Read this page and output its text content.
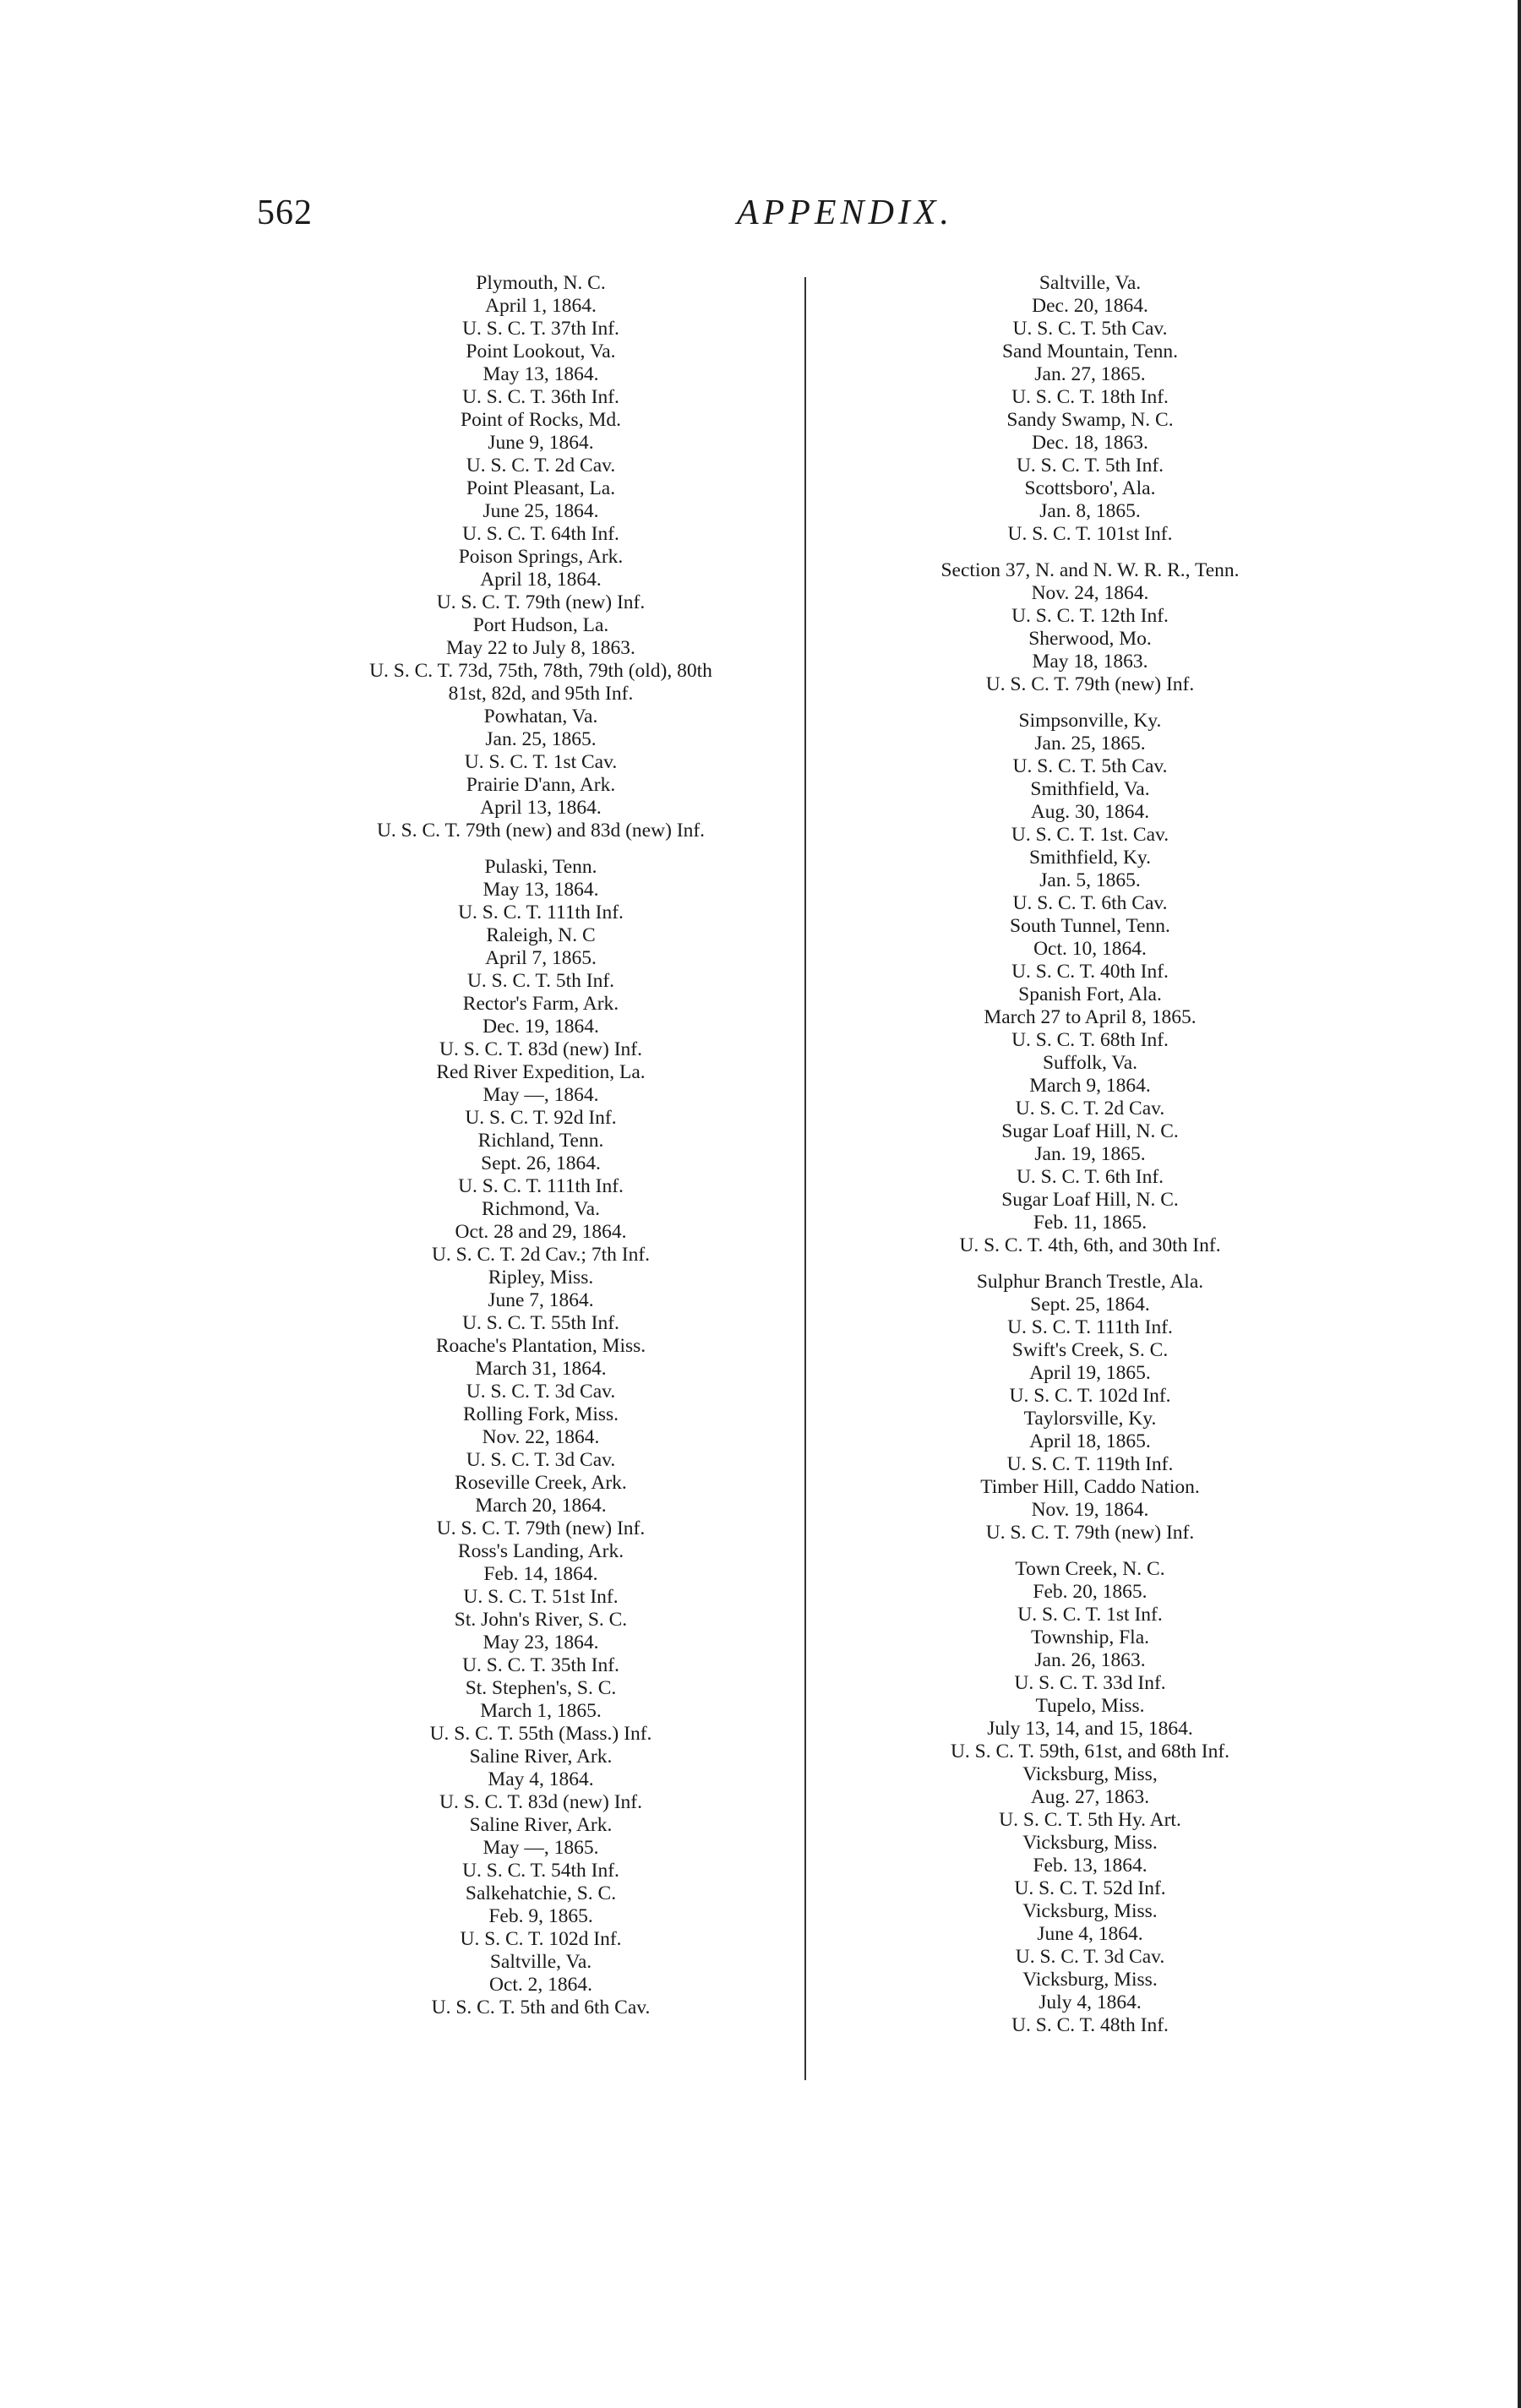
562	APPENDIX.
Plymouth, N. C.
April 1, 1864.
U. S. C. T. 37th Inf.
Point Lookout, Va.
May 13, 1864.
U. S. C. T. 36th Inf.
Point of Rocks, Md.
June 9, 1864.
U. S. C. T. 2d Cav.
Point Pleasant, La.
June 25, 1864.
U. S. C. T. 64th Inf.
Poison Springs, Ark.
April 18, 1864.
U. S. C. T. 79th (new) Inf.
Port Hudson, La.
May 22 to July 8, 1863.
U. S. C. T. 73d, 75th, 78th, 79th (old), 80th
81st, 82d, and 95th Inf.
Powhatan, Va.
Jan. 25, 1865.
U. S. C. T. 1st Cav.
Prairie D'ann, Ark.
April 13, 1864.
U. S. C. T. 79th (new) and 83d (new) Inf.
Pulaski, Tenn.
May 13, 1864.
U. S. C. T. 111th Inf.
Raleigh, N. C
April 7, 1865.
U. S. C. T. 5th Inf.
Rector's Farm, Ark.
Dec. 19, 1864.
U. S. C. T. 83d (new) Inf.
Red River Expedition, La.
May —, 1864.
U. S. C. T. 92d Inf.
Richland, Tenn.
Sept. 26, 1864.
U. S. C. T. 111th Inf.
Richmond, Va.
Oct. 28 and 29, 1864.
U. S. C. T. 2d Cav.; 7th Inf.
Ripley, Miss.
June 7, 1864.
U. S. C. T. 55th Inf.
Roache's Plantation, Miss.
March 31, 1864.
U. S. C. T. 3d Cav.
Rolling Fork, Miss.
Nov. 22, 1864.
U. S. C. T. 3d Cav.
Roseville Creek, Ark.
March 20, 1864.
U. S. C. T. 79th (new) Inf.
Ross's Landing, Ark.
Feb. 14, 1864.
U. S. C. T. 51st Inf.
St. John's River, S. C.
May 23, 1864.
U. S. C. T. 35th Inf.
St. Stephen's, S. C.
March 1, 1865.
U. S. C. T. 55th (Mass.) Inf.
Saline River, Ark.
May 4, 1864.
U. S. C. T. 83d (new) Inf.
Saline River, Ark.
May —, 1865.
U. S. C. T. 54th Inf.
Salkehatchie, S. C.
Feb. 9, 1865.
U. S. C. T. 102d Inf.
Saltville, Va.
Oct. 2, 1864.
U. S. C. T. 5th and 6th Cav.
Saltville, Va.
Dec. 20, 1864.
U. S. C. T. 5th Cav.
Sand Mountain, Tenn.
Jan. 27, 1865.
U. S. C. T. 18th Inf.
Sandy Swamp, N. C.
Dec. 18, 1863.
U. S. C. T. 5th Inf.
Scottsboro', Ala.
Jan. 8, 1865.
U. S. C. T. 101st Inf.
Section 37, N. and N. W. R. R., Tenn.
Nov. 24, 1864.
U. S. C. T. 12th Inf.
Sherwood, Mo.
May 18, 1863.
U. S. C. T. 79th (new) Inf.
Simpsonville, Ky.
Jan. 25, 1865.
U. S. C. T. 5th Cav.
Smithfield, Va.
Aug. 30, 1864.
U. S. C. T. 1st. Cav.
Smithfield, Ky.
Jan. 5, 1865.
U. S. C. T. 6th Cav.
South Tunnel, Tenn.
Oct. 10, 1864.
U. S. C. T. 40th Inf.
Spanish Fort, Ala.
March 27 to April 8, 1865.
U. S. C. T. 68th Inf.
Suffolk, Va.
March 9, 1864.
U. S. C. T. 2d Cav.
Sugar Loaf Hill, N. C.
Jan. 19, 1865.
U. S. C. T. 6th Inf.
Sugar Loaf Hill, N. C.
Feb. 11, 1865.
U. S. C. T. 4th, 6th, and 30th Inf.
Sulphur Branch Trestle, Ala.
Sept. 25, 1864.
U. S. C. T. 111th Inf.
Swift's Creek, S. C.
April 19, 1865.
U. S. C. T. 102d Inf.
Taylorsville, Ky.
April 18, 1865.
U. S. C. T. 119th Inf.
Timber Hill, Caddo Nation.
Nov. 19, 1864.
U. S. C. T. 79th (new) Inf.
Town Creek, N. C.
Feb. 20, 1865.
U. S. C. T. 1st Inf.
Township, Fla.
Jan. 26, 1863.
U. S. C. T. 33d Inf.
Tupelo, Miss.
July 13, 14, and 15, 1864.
U. S. C. T. 59th, 61st, and 68th Inf.
Vicksburg, Miss,
Aug. 27, 1863.
U. S. C. T. 5th Hy. Art.
Vicksburg, Miss.
Feb. 13, 1864.
U. S. C. T. 52d Inf.
Vicksburg, Miss.
June 4, 1864.
U. S. C. T. 3d Cav.
Vicksburg, Miss.
July 4, 1864.
U. S. C. T. 48th Inf.
